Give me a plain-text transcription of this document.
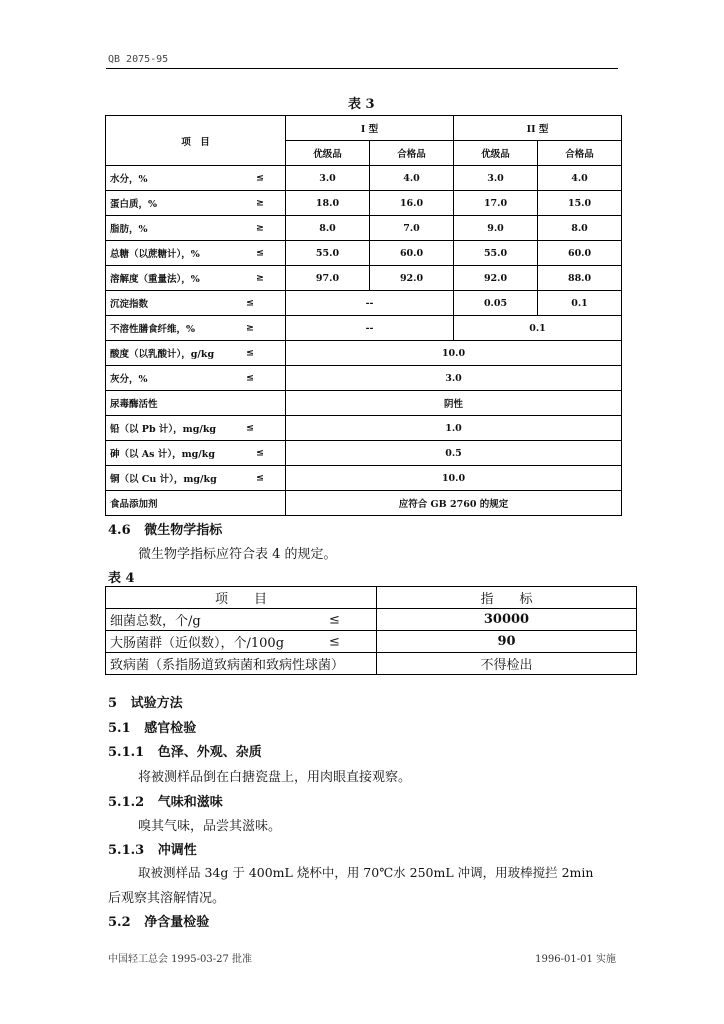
QB 2075-95
表 3
项　目	I 型		II 型	
	优级品	合格品	优级品	合格品
水分，% ≤	3.0	4.0	3.0	4.0
蛋白质，% ≥	18.0	16.0	17.0	15.0
脂肪，% ≥	8.0	7.0	9.0	8.0
总糖（以蔗糖计），% ≤	55.0	60.0	55.0	60.0
溶解度（重量法），% ≥	97.0	92.0	92.0	88.0
沉淀指数 ≤	--		0.05	0.1
不溶性膳食纤维，% ≥	--		0.1	
酸度（以乳酸计），g/kg ≤	10.0			
灰分，% ≤	3.0			
尿毒酶活性	阴性			
铅（以 Pb 计），mg/kg ≤	1.0			
砷（以 As 计），mg/kg ≤	0.5			
铜（以 Cu 计），mg/kg ≤	10.0			
食品添加剂	应符合 GB 2760 的规定			
4.6 微生物学指标
微生物学指标应符合表 4 的规定。
表 4
项　　目	指　　标
细菌总数，个/g ≤	30000
大肠菌群（近似数），个/100g ≤	90
致病菌（系指肠道致病菌和致病性球菌）	不得检出
5 试验方法
5.1 感官检验
5.1.1 色泽、外观、杂质
将被测样品倒在白搪瓷盘上，用肉眼直接观察。
5.1.2 气味和滋味
嗅其气味，品尝其滋味。
5.1.3 冲调性
取被测样品 34g 于 400mL 烧杯中，用 70℃水 250mL 冲调，用玻棒搅拦 2min
后观察其溶解情况。
5.2 净含量检验
中国轻工总会 1995-03-27 批准	1996-01-01 实施
